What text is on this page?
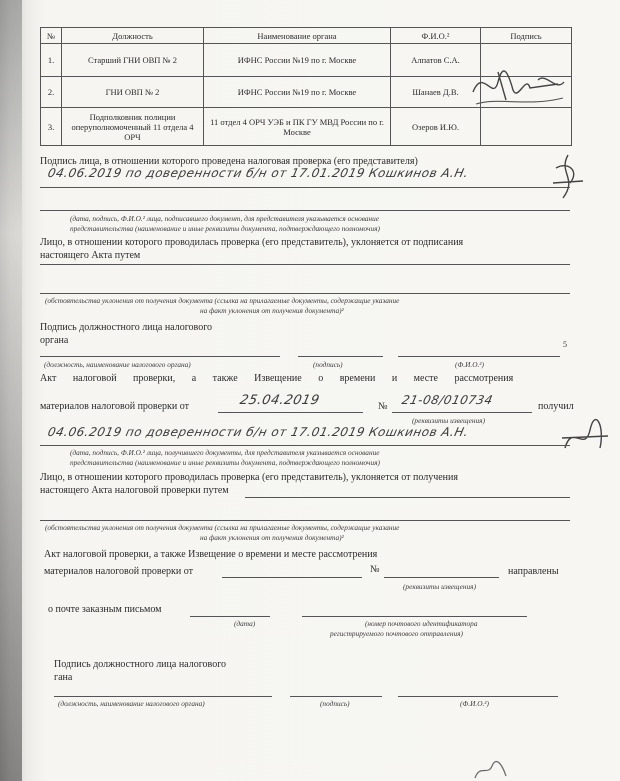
№	Должность	Наименование органа	Ф.И.О.²	Подпись
1.	Старший ГНИ ОВП № 2	ИФНС России №19 по г. Москве	Алпатов С.А.	
2.	ГНИ ОВП № 2	ИФНС России №19 по г. Москве	Шанаев Д.В.	
3.	Подполковник полиции оперуполномоченный 11 отдела 4 ОРЧ	11 отдел 4 ОРЧ УЭБ и ПК ГУ МВД России по г. Москве	Озеров И.Ю.	
Подпись лица, в отношении которого проведена налоговая проверка (его представителя)
04.06.2019 по доверенности б/н от 17.01.2019 Кошкинов А.Н.
(дата, подпись, Ф.И.О.² лица, подписавшего документ, для представителя указывается основание
представительства (наименование и иные реквизиты документа, подтверждающего полномочия)
Лицо, в отношении которого проводилась проверка (его представитель), уклоняется от подписания
настоящего Акта путем
(обстоятельства уклонения от получения документа (ссылка на прилагаемые документы, содержащие указание
на факт уклонения от получения документа)²
Подпись должностного лица налогового
органа	5
(должность, наименование налогового органа)	(подпись)	(Ф.И.О.²)
Акт налоговой проверки, а также Извещение о времени и месте рассмотрения
материалов налоговой проверки от	25.04.2019	№ 21-08/010734	получил
(реквизиты извещения)
04.06.2019 по доверенности б/н от 17.01.2019 Кошкинов А.Н.
(дата, подпись, Ф.И.О.² лица, получившего документы, для представителя указывается основание
представительства (наименование и иные реквизиты документа, подтверждающего полномочия)
Лицо, в отношении которого проводилась проверка (его представитель), уклоняется от получения
настоящего Акта налоговой проверки путем
(обстоятельства уклонения от получения документа (ссылка на прилагаемые документы, содержащие указание
на факт уклонения от получения документа)²
Акт налоговой проверки, а также Извещение о времени и месте рассмотрения
материалов налоговой проверки от	№	направлены
(реквизиты извещения)
о почте заказным письмом
(дата)	(номер почтового идентификатора
регистрируемого почтового отправления)
Подпись должностного лица налогового
гана
(должность, наименование налогового органа)	(подпись)	(Ф.И.О.²)
